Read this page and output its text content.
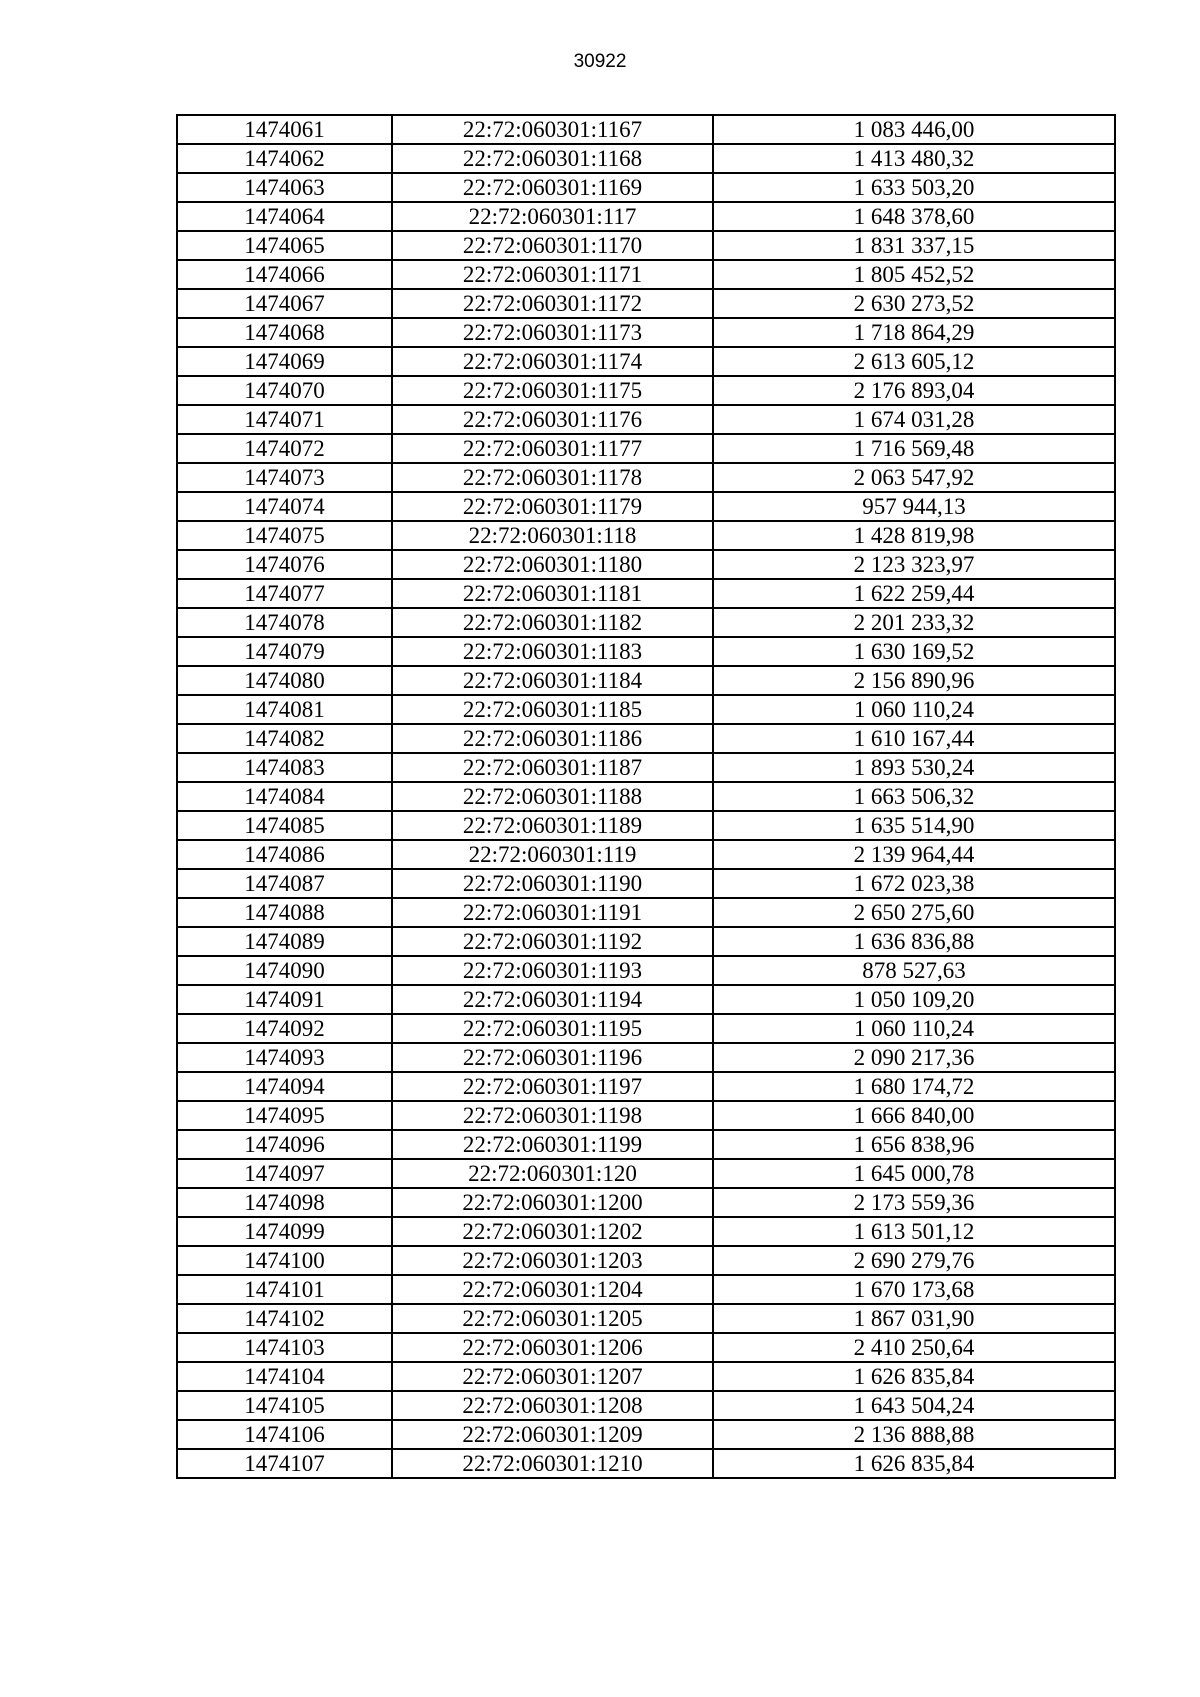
30922
1474061	22:72:060301:1167	1 083 446,00
1474062	22:72:060301:1168	1 413 480,32
1474063	22:72:060301:1169	1 633 503,20
1474064	22:72:060301:117	1 648 378,60
1474065	22:72:060301:1170	1 831 337,15
1474066	22:72:060301:1171	1 805 452,52
1474067	22:72:060301:1172	2 630 273,52
1474068	22:72:060301:1173	1 718 864,29
1474069	22:72:060301:1174	2 613 605,12
1474070	22:72:060301:1175	2 176 893,04
1474071	22:72:060301:1176	1 674 031,28
1474072	22:72:060301:1177	1 716 569,48
1474073	22:72:060301:1178	2 063 547,92
1474074	22:72:060301:1179	957 944,13
1474075	22:72:060301:118	1 428 819,98
1474076	22:72:060301:1180	2 123 323,97
1474077	22:72:060301:1181	1 622 259,44
1474078	22:72:060301:1182	2 201 233,32
1474079	22:72:060301:1183	1 630 169,52
1474080	22:72:060301:1184	2 156 890,96
1474081	22:72:060301:1185	1 060 110,24
1474082	22:72:060301:1186	1 610 167,44
1474083	22:72:060301:1187	1 893 530,24
1474084	22:72:060301:1188	1 663 506,32
1474085	22:72:060301:1189	1 635 514,90
1474086	22:72:060301:119	2 139 964,44
1474087	22:72:060301:1190	1 672 023,38
1474088	22:72:060301:1191	2 650 275,60
1474089	22:72:060301:1192	1 636 836,88
1474090	22:72:060301:1193	878 527,63
1474091	22:72:060301:1194	1 050 109,20
1474092	22:72:060301:1195	1 060 110,24
1474093	22:72:060301:1196	2 090 217,36
1474094	22:72:060301:1197	1 680 174,72
1474095	22:72:060301:1198	1 666 840,00
1474096	22:72:060301:1199	1 656 838,96
1474097	22:72:060301:120	1 645 000,78
1474098	22:72:060301:1200	2 173 559,36
1474099	22:72:060301:1202	1 613 501,12
1474100	22:72:060301:1203	2 690 279,76
1474101	22:72:060301:1204	1 670 173,68
1474102	22:72:060301:1205	1 867 031,90
1474103	22:72:060301:1206	2 410 250,64
1474104	22:72:060301:1207	1 626 835,84
1474105	22:72:060301:1208	1 643 504,24
1474106	22:72:060301:1209	2 136 888,88
1474107	22:72:060301:1210	1 626 835,84
